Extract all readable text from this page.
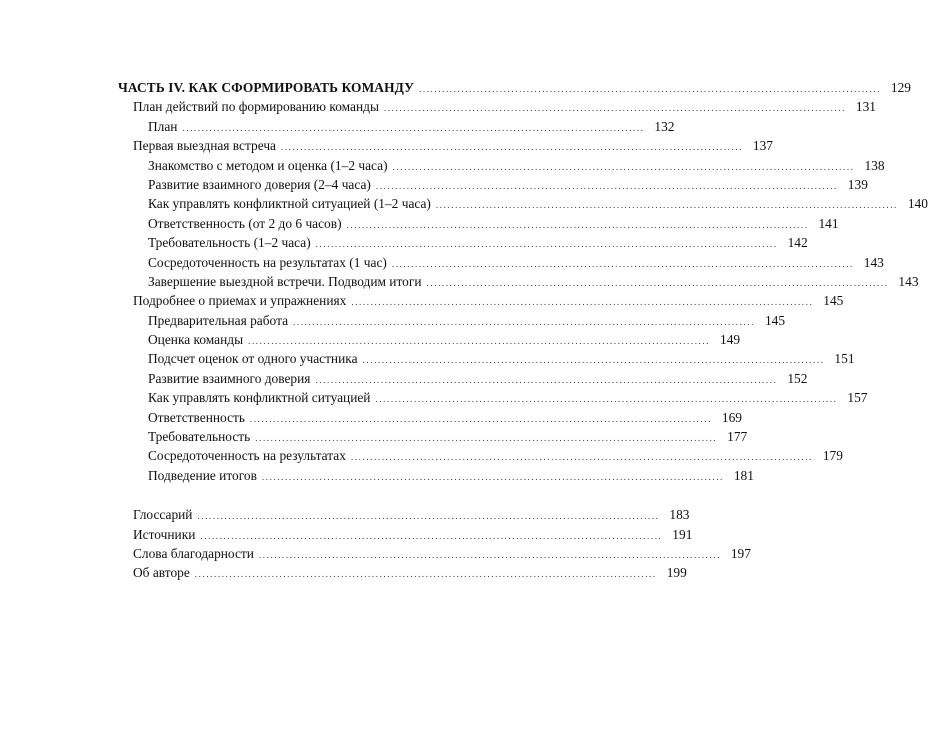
ЧАСТЬ IV. КАК СФОРМИРОВАТЬ КОМАНДУ ........................................................................................................................ 129
План действий по формированию команды ........................................................................................................................ 131
План ........................................................................................................................ 132
Первая выездная встреча ........................................................................................................................ 137
Знакомство с методом и оценка (1–2 часа) ........................................................................................................................ 138
Развитие взаимного доверия (2–4 часа) ........................................................................................................................ 139
Как управлять конфликтной ситуацией (1–2 часа) ........................................................................................................................ 140
Ответственность (от 2 до 6 часов) ........................................................................................................................ 141
Требовательность (1–2 часа) ........................................................................................................................ 142
Сосредоточенность на результатах (1 час) ........................................................................................................................ 143
Завершение выездной встречи. Подводим итоги ........................................................................................................................ 143
Подробнее о приемах и упражнениях ........................................................................................................................ 145
Предварительная работа ........................................................................................................................ 145
Оценка команды ........................................................................................................................ 149
Подсчет оценок от одного участника ........................................................................................................................ 151
Развитие взаимного доверия ........................................................................................................................ 152
Как управлять конфликтной ситуацией ........................................................................................................................ 157
Ответственность ........................................................................................................................ 169
Требовательность ........................................................................................................................ 177
Сосредоточенность на результатах ........................................................................................................................ 179
Подведение итогов ........................................................................................................................ 181
Глоссарий ........................................................................................................................ 183
Источники ........................................................................................................................ 191
Слова благодарности ........................................................................................................................ 197
Об авторе ........................................................................................................................ 199
